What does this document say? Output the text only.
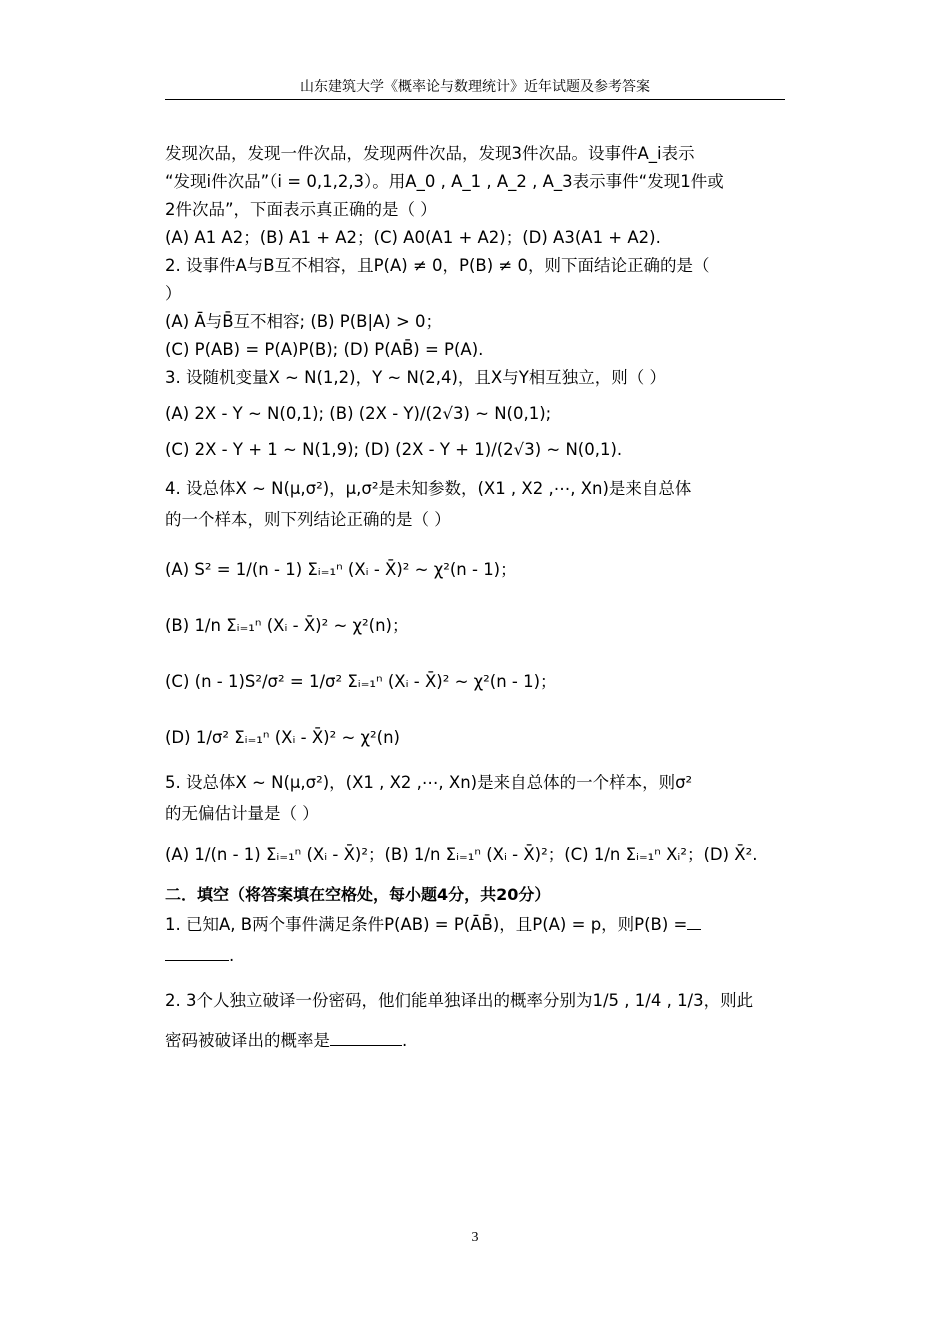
山东建筑大学《概率论与数理统计》近年试题及参考答案
发现次品，发现一件次品，发现两件次品，发现3件次品。设事件A_i表示
“发现i件次品”（i = 0,1,2,3）。用A_0 , A_1 , A_2 , A_3表示事件“发现1件或
2件次品”，下面表示真正确的是（ ）
(A) A1 A2；(B) A1 + A2；(C) A0(A1 + A2)；(D) A3(A1 + A2).
2. 设事件A与B互不相容，且P(A) ≠ 0，P(B) ≠ 0，则下面结论正确的是（
）
(A) Ā与B̄互不相容; (B) P(B|A) > 0；
(C) P(AB) = P(A)P(B); (D) P(AB̄) = P(A).
3. 设随机变量X ~ N(1,2)，Y ~ N(2,4)，且X与Y相互独立，则（ ）
(A) 2X - Y ~ N(0,1); (B) (2X - Y)/(2√3) ~ N(0,1);
(C) 2X - Y + 1 ~ N(1,9); (D) (2X - Y + 1)/(2√3) ~ N(0,1).
4. 设总体X ~ N(μ,σ²)，μ,σ²是未知参数，(X1 , X2 ,⋯, Xn)是来自总体
的一个样本，则下列结论正确的是（ ）
(A) S² = 1/(n - 1) Σᵢ₌₁ⁿ (Xᵢ - X̄)² ~ χ²(n - 1)；
(B) 1/n Σᵢ₌₁ⁿ (Xᵢ - X̄)² ~ χ²(n)；
(C) (n - 1)S²/σ² = 1/σ² Σᵢ₌₁ⁿ (Xᵢ - X̄)² ~ χ²(n - 1)；
(D) 1/σ² Σᵢ₌₁ⁿ (Xᵢ - X̄)² ~ χ²(n)
5. 设总体X ~ N(μ,σ²)，(X1 , X2 ,⋯, Xn)是来自总体的一个样本，则σ²
的无偏估计量是（ ）
(A) 1/(n - 1) Σᵢ₌₁ⁿ (Xᵢ - X̄)²；(B) 1/n Σᵢ₌₁ⁿ (Xᵢ - X̄)²；(C) 1/n Σᵢ₌₁ⁿ Xᵢ²；(D) X̄².
二．填空（将答案填在空格处，每小题4分，共20分）
1. 已知A, B两个事件满足条件P(AB) = P(ĀB̄)，且P(A) = p，则P(B) =
.
2. 3个人独立破译一份密码，他们能单独译出的概率分别为1/5 , 1/4 , 1/3，则此
密码被破译出的概率是	.
3
